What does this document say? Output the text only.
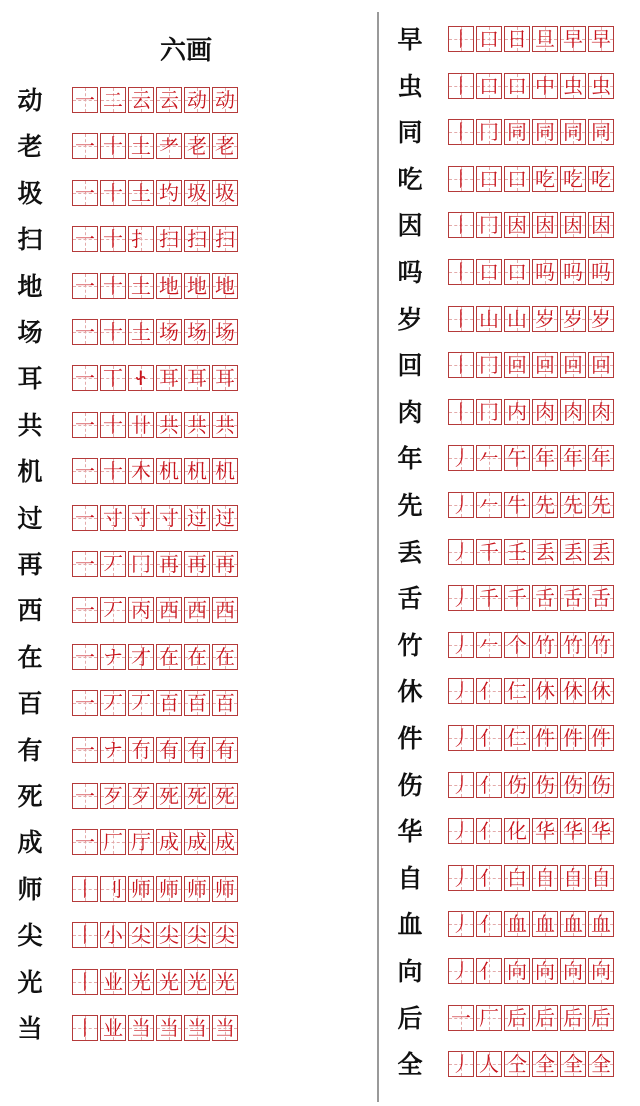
六画
动	一 二 云 云 动 动
老	一 十 土 耂 老 老
圾	一 十 土 圴 圾 圾
扫	一 十 扌 扫 扫 扫
地	一 十 土 地 地 地
场	一 十 土 场 场 场
耳	一 丅 Ꮠ 耳 耳 耳
共	一 十 卄 共 共 共
机	一 十 木 机 机 机
过	一 寸 寸 寸 过 过
再	一 丆 冂 再 再 再
西	一 丆 丙 西 西 西
在	一 ナ 才 在 在 在
百	一 丆 丆 百 百 百
有	一 ナ 冇 有 有 有
死	一 歹 歹 死 死 死
成	一 厂 厅 成 成 成
师	丨 刂 师 师 师 师
尖	丨 小 尖 尖 尖 尖
光	丨 业 光 光 光 光
当	丨 业 当 当 当 当
早	丨 口 日 旦 早 早
虫	丨 口 口 中 虫 虫
同	丨 冂 同 同 同 同
吃	丨 口 口 吃 吃 吃
因	丨 冂 因 因 因 因
吗	丨 口 口 吗 吗 吗
岁	丨 山 山 岁 岁 岁
回	丨 冂 回 回 回 回
肉	丨 冂 内 肉 肉 肉
年	丿 𠂉 午 年 年 年
先	丿 𠂉 牛 先 先 先
丢	丿 千 壬 丢 丢 丢
舌	丿 千 千 舌 舌 舌
竹	丿 𠂉 个 竹 竹 竹
休	丿 亻 仁 休 休 休
件	丿 亻 仁 件 件 件
伤	丿 亻 伤 伤 伤 伤
华	丿 亻 化 华 华 华
自	丿 亻 白 自 自 自
血	丿 亻 血 血 血 血
向	丿 亻 向 向 向 向
后	一 厂 后 后 后 后
全	丿 人 仝 全 全 全
